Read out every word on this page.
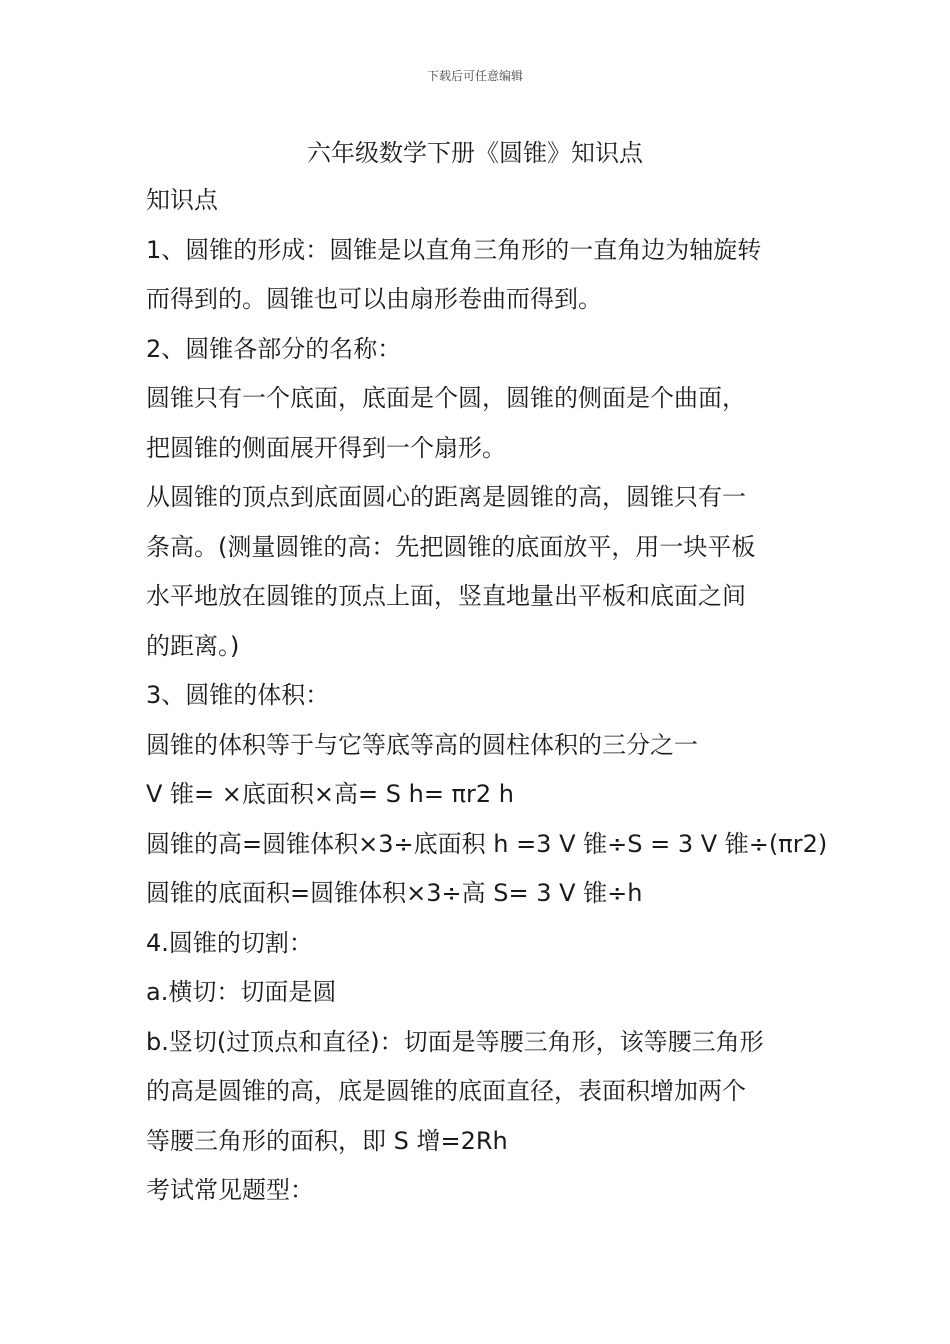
下载后可任意编辑
六年级数学下册《圆锥》知识点
知识点
1、圆锥的形成：圆锥是以直角三角形的一直角边为轴旋转
而得到的。圆锥也可以由扇形卷曲而得到。
2、圆锥各部分的名称：
圆锥只有一个底面，底面是个圆，圆锥的侧面是个曲面，
把圆锥的侧面展开得到一个扇形。
从圆锥的顶点到底面圆心的距离是圆锥的高，圆锥只有一
条高。(测量圆锥的高：先把圆锥的底面放平，用一块平板
水平地放在圆锥的顶点上面，竖直地量出平板和底面之间
的距离。)
3、圆锥的体积：
圆锥的体积等于与它等底等高的圆柱体积的三分之一
V 锥= ×底面积×高= S h= πr2 h
圆锥的高=圆锥体积×3÷底面积 h =3 V 锥÷S = 3 V 锥÷(πr2)
圆锥的底面积=圆锥体积×3÷高 S= 3 V 锥÷h
4.圆锥的切割：
a.横切：切面是圆
b.竖切(过顶点和直径)：切面是等腰三角形，该等腰三角形
的高是圆锥的高，底是圆锥的底面直径，表面积增加两个
等腰三角形的面积，即 S 增=2Rh
考试常见题型：
